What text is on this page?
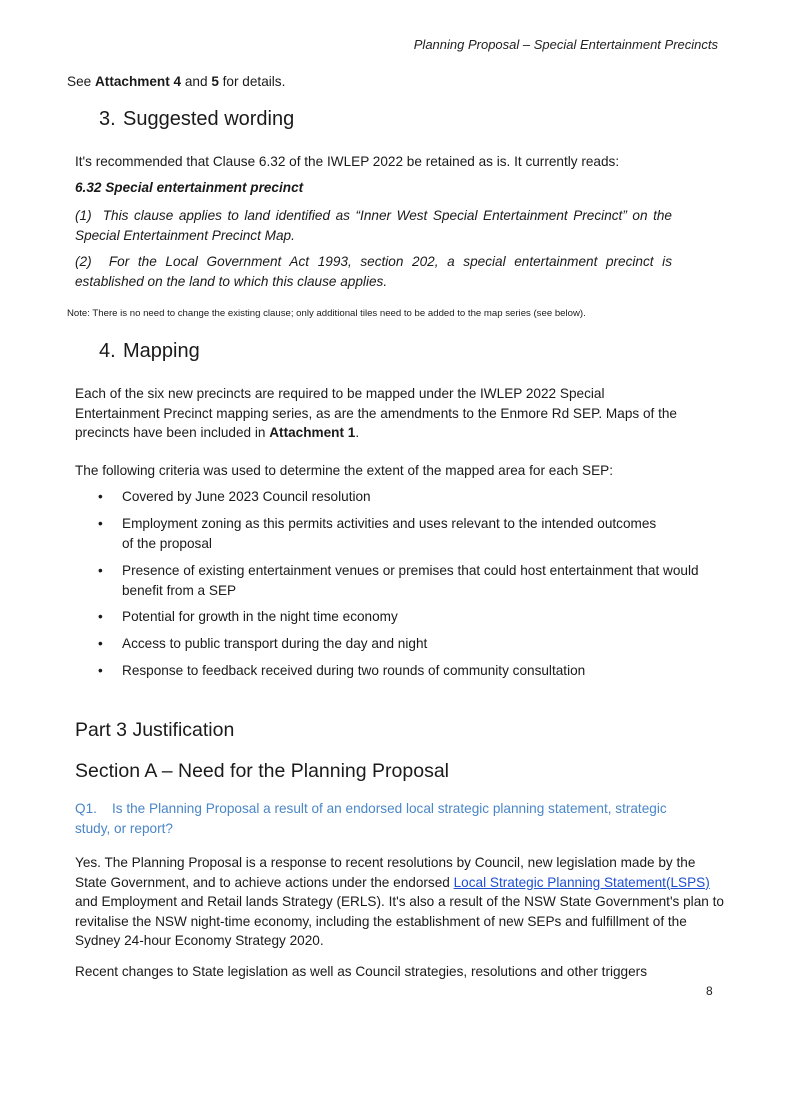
Planning Proposal – Special Entertainment Precincts

See Attachment 4 and 5 for details.

3. Suggested wording

It's recommended that Clause 6.32 of the IWLEP 2022 be retained as is. It currently reads:

6.32 Special entertainment precinct

(1) This clause applies to land identified as “Inner West Special Entertainment Precinct” on the Special Entertainment Precinct Map.

(2) For the Local Government Act 1993, section 202, a special entertainment precinct is established on the land to which this clause applies.

Note: There is no need to change the existing clause; only additional tiles need to be added to the map series (see below).

4. Mapping

Each of the six new precincts are required to be mapped under the IWLEP 2022 Special Entertainment Precinct mapping series, as are the amendments to the Enmore Rd SEP. Maps of the precincts have been included in Attachment 1.

The following criteria was used to determine the extent of the mapped area for each SEP:

• Covered by June 2023 Council resolution
• Employment zoning as this permits activities and uses relevant to the intended outcomes of the proposal
• Presence of existing entertainment venues or premises that could host entertainment that would benefit from a SEP
• Potential for growth in the night time economy
• Access to public transport during the day and night
• Response to feedback received during two rounds of community consultation
Part 3 Justification
Section A – Need for the Planning Proposal

Q1. Is the Planning Proposal a result of an endorsed local strategic planning statement, strategic study, or report?

Yes. The Planning Proposal is a response to recent resolutions by Council, new legislation made by the State Government, and to achieve actions under the endorsed Local Strategic Planning Statement(LSPS) and Employment and Retail lands Strategy (ERLS). It's also a result of the NSW State Government's plan to revitalise the NSW night-time economy, including the establishment of new SEPs and fulfillment of the Sydney 24-hour Economy Strategy 2020.

Recent changes to State legislation as well as Council strategies, resolutions and other triggers

8
